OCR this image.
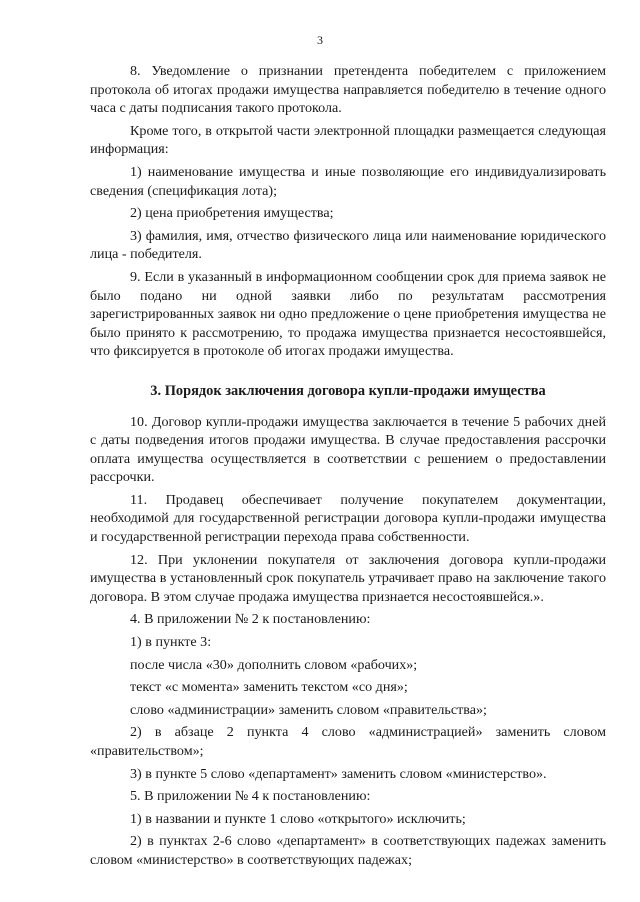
3

8. Уведомление о признании претендента победителем с приложением протокола об итогах продажи имущества направляется победителю в течение одного часа с даты подписания такого протокола.

Кроме того, в открытой части электронной площадки размещается следующая информация:

1) наименование имущества и иные позволяющие его индивидуализировать сведения (спецификация лота);

2) цена приобретения имущества;

3) фамилия, имя, отчество физического лица или наименование юридического лица - победителя.

9. Если в указанный в информационном сообщении срок для приема заявок не было подано ни одной заявки либо по результатам рассмотрения зарегистрированных заявок ни одно предложение о цене приобретения имущества не было принято к рассмотрению, то продажа имущества признается несостоявшейся, что фиксируется в протоколе об итогах продажи имущества.

3. Порядок заключения договора купли-продажи имущества

10. Договор купли-продажи имущества заключается в течение 5 рабочих дней с даты подведения итогов продажи имущества. В случае предоставления рассрочки оплата имущества осуществляется в соответствии с решением о предоставлении рассрочки.

11. Продавец обеспечивает получение покупателем документации, необходимой для государственной регистрации договора купли-продажи имущества и государственной регистрации перехода права собственности.

12. При уклонении покупателя от заключения договора купли-продажи имущества в установленный срок покупатель утрачивает право на заключение такого договора. В этом случае продажа имущества признается несостоявшейся.».

4. В приложении № 2 к постановлению:

1) в пункте 3:

после числа «30» дополнить словом «рабочих»;

текст «с момента» заменить текстом «со дня»;

слово «администрации» заменить словом «правительства»;

2) в абзаце 2 пункта 4 слово «администрацией» заменить словом «правительством»;

3) в пункте 5 слово «департамент» заменить словом «министерство».

5. В приложении № 4 к постановлению:

1) в названии и пункте 1 слово «открытого» исключить;

2) в пунктах 2-6 слово «департамент» в соответствующих падежах заменить словом «министерство» в соответствующих падежах;
